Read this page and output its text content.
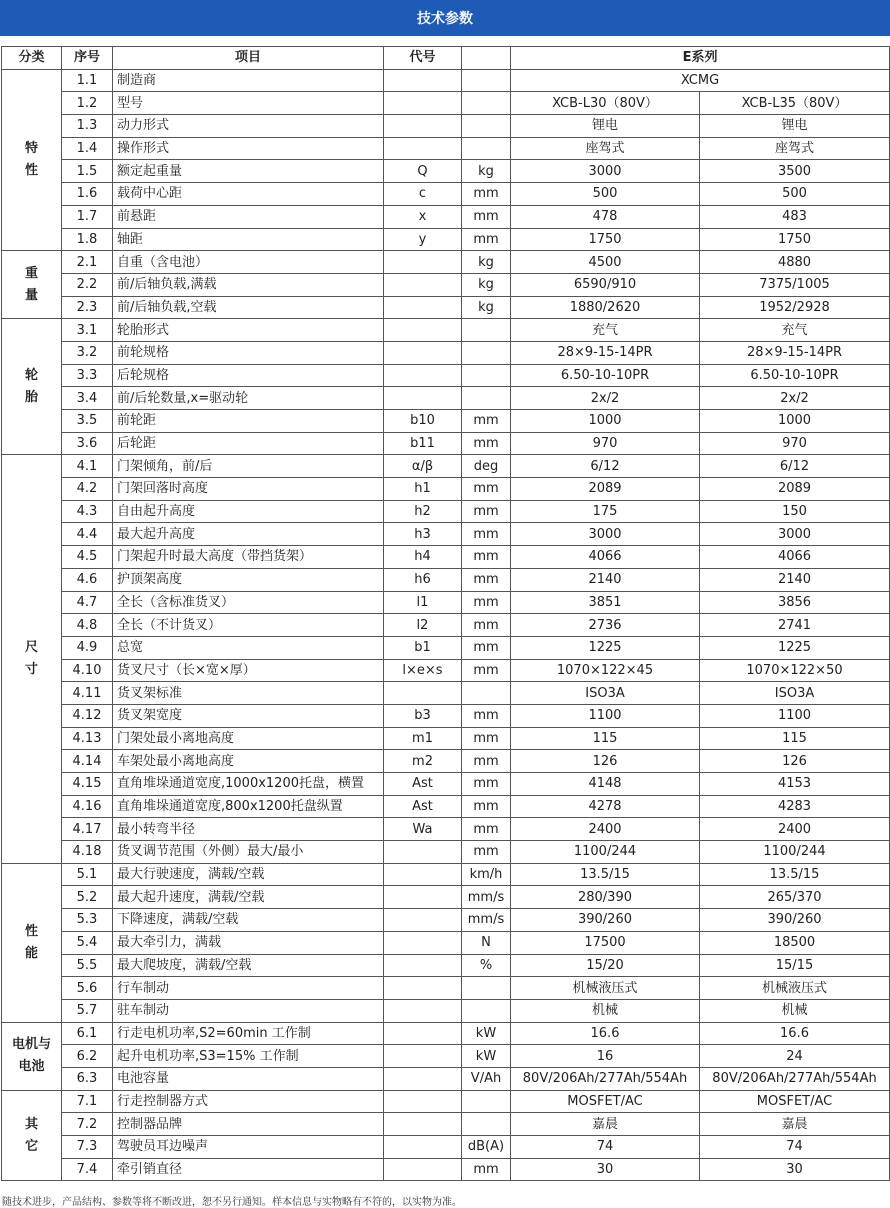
技术参数
分类	序号	项目	代号		E系列	
特
性	1.1	制造商			XCMG	
	1.2	型号			XCB-L30（80V）	XCB-L35（80V）
	1.3	动力形式			锂电	锂电
	1.4	操作形式			座驾式	座驾式
	1.5	额定起重量	Q	kg	3000	3500
	1.6	载荷中心距	c	mm	500	500
	1.7	前悬距	x	mm	478	483
	1.8	轴距	y	mm	1750	1750
重
量	2.1	自重（含电池）		kg	4500	4880
	2.2	前/后轴负载,满载		kg	6590/910	7375/1005
	2.3	前/后轴负载,空载		kg	1880/2620	1952/2928
轮
胎	3.1	轮胎形式			充气	充气
	3.2	前轮规格			28×9-15-14PR	28×9-15-14PR
	3.3	后轮规格			6.50-10-10PR	6.50-10-10PR
	3.4	前/后轮数量,x=驱动轮			2x/2	2x/2
	3.5	前轮距	b10	mm	1000	1000
	3.6	后轮距	b11	mm	970	970
尺
寸	4.1	门架倾角，前/后	α/β	deg	6/12	6/12
	4.2	门架回落时高度	h1	mm	2089	2089
	4.3	自由起升高度	h2	mm	175	150
	4.4	最大起升高度	h3	mm	3000	3000
	4.5	门架起升时最大高度（带挡货架）	h4	mm	4066	4066
	4.6	护顶架高度	h6	mm	2140	2140
	4.7	全长（含标准货叉）	l1	mm	3851	3856
	4.8	全长（不计货叉）	l2	mm	2736	2741
	4.9	总宽	b1	mm	1225	1225
	4.10	货叉尺寸（长×宽×厚）	l×e×s	mm	1070×122×45	1070×122×50
	4.11	货叉架标准			ISO3A	ISO3A
	4.12	货叉架宽度	b3	mm	1100	1100
	4.13	门架处最小离地高度	m1	mm	115	115
	4.14	车架处最小离地高度	m2	mm	126	126
	4.15	直角堆垛通道宽度,1000x1200托盘，横置	Ast	mm	4148	4153
	4.16	直角堆垛通道宽度,800x1200托盘纵置	Ast	mm	4278	4283
	4.17	最小转弯半径	Wa	mm	2400	2400
	4.18	货叉调节范围（外侧）最大/最小		mm	1100/244	1100/244
性
能	5.1	最大行驶速度，满载/空载		km/h	13.5/15	13.5/15
	5.2	最大起升速度，满载/空载		mm/s	280/390	265/370
	5.3	下降速度，满载/空载		mm/s	390/260	390/260
	5.4	最大牵引力，满载		N	17500	18500
	5.5	最大爬坡度，满载/空载		%	15/20	15/15
	5.6	行车制动			机械液压式	机械液压式
	5.7	驻车制动			机械	机械
电机与
电池	6.1	行走电机功率,S2=60min 工作制		kW	16.6	16.6
	6.2	起升电机功率,S3=15% 工作制		kW	16	24
	6.3	电池容量		V/Ah	80V/206Ah/277Ah/554Ah	80V/206Ah/277Ah/554Ah
其
它	7.1	行走控制器方式			MOSFET/AC	MOSFET/AC
	7.2	控制器品牌			嘉晨	嘉晨
	7.3	驾驶员耳边噪声		dB(A)	74	74
	7.4	牵引销直径		mm	30	30
随技术进步，产品结构、参数等将不断改进，恕不另行通知。样本信息与实物略有不符的，以实物为准。
